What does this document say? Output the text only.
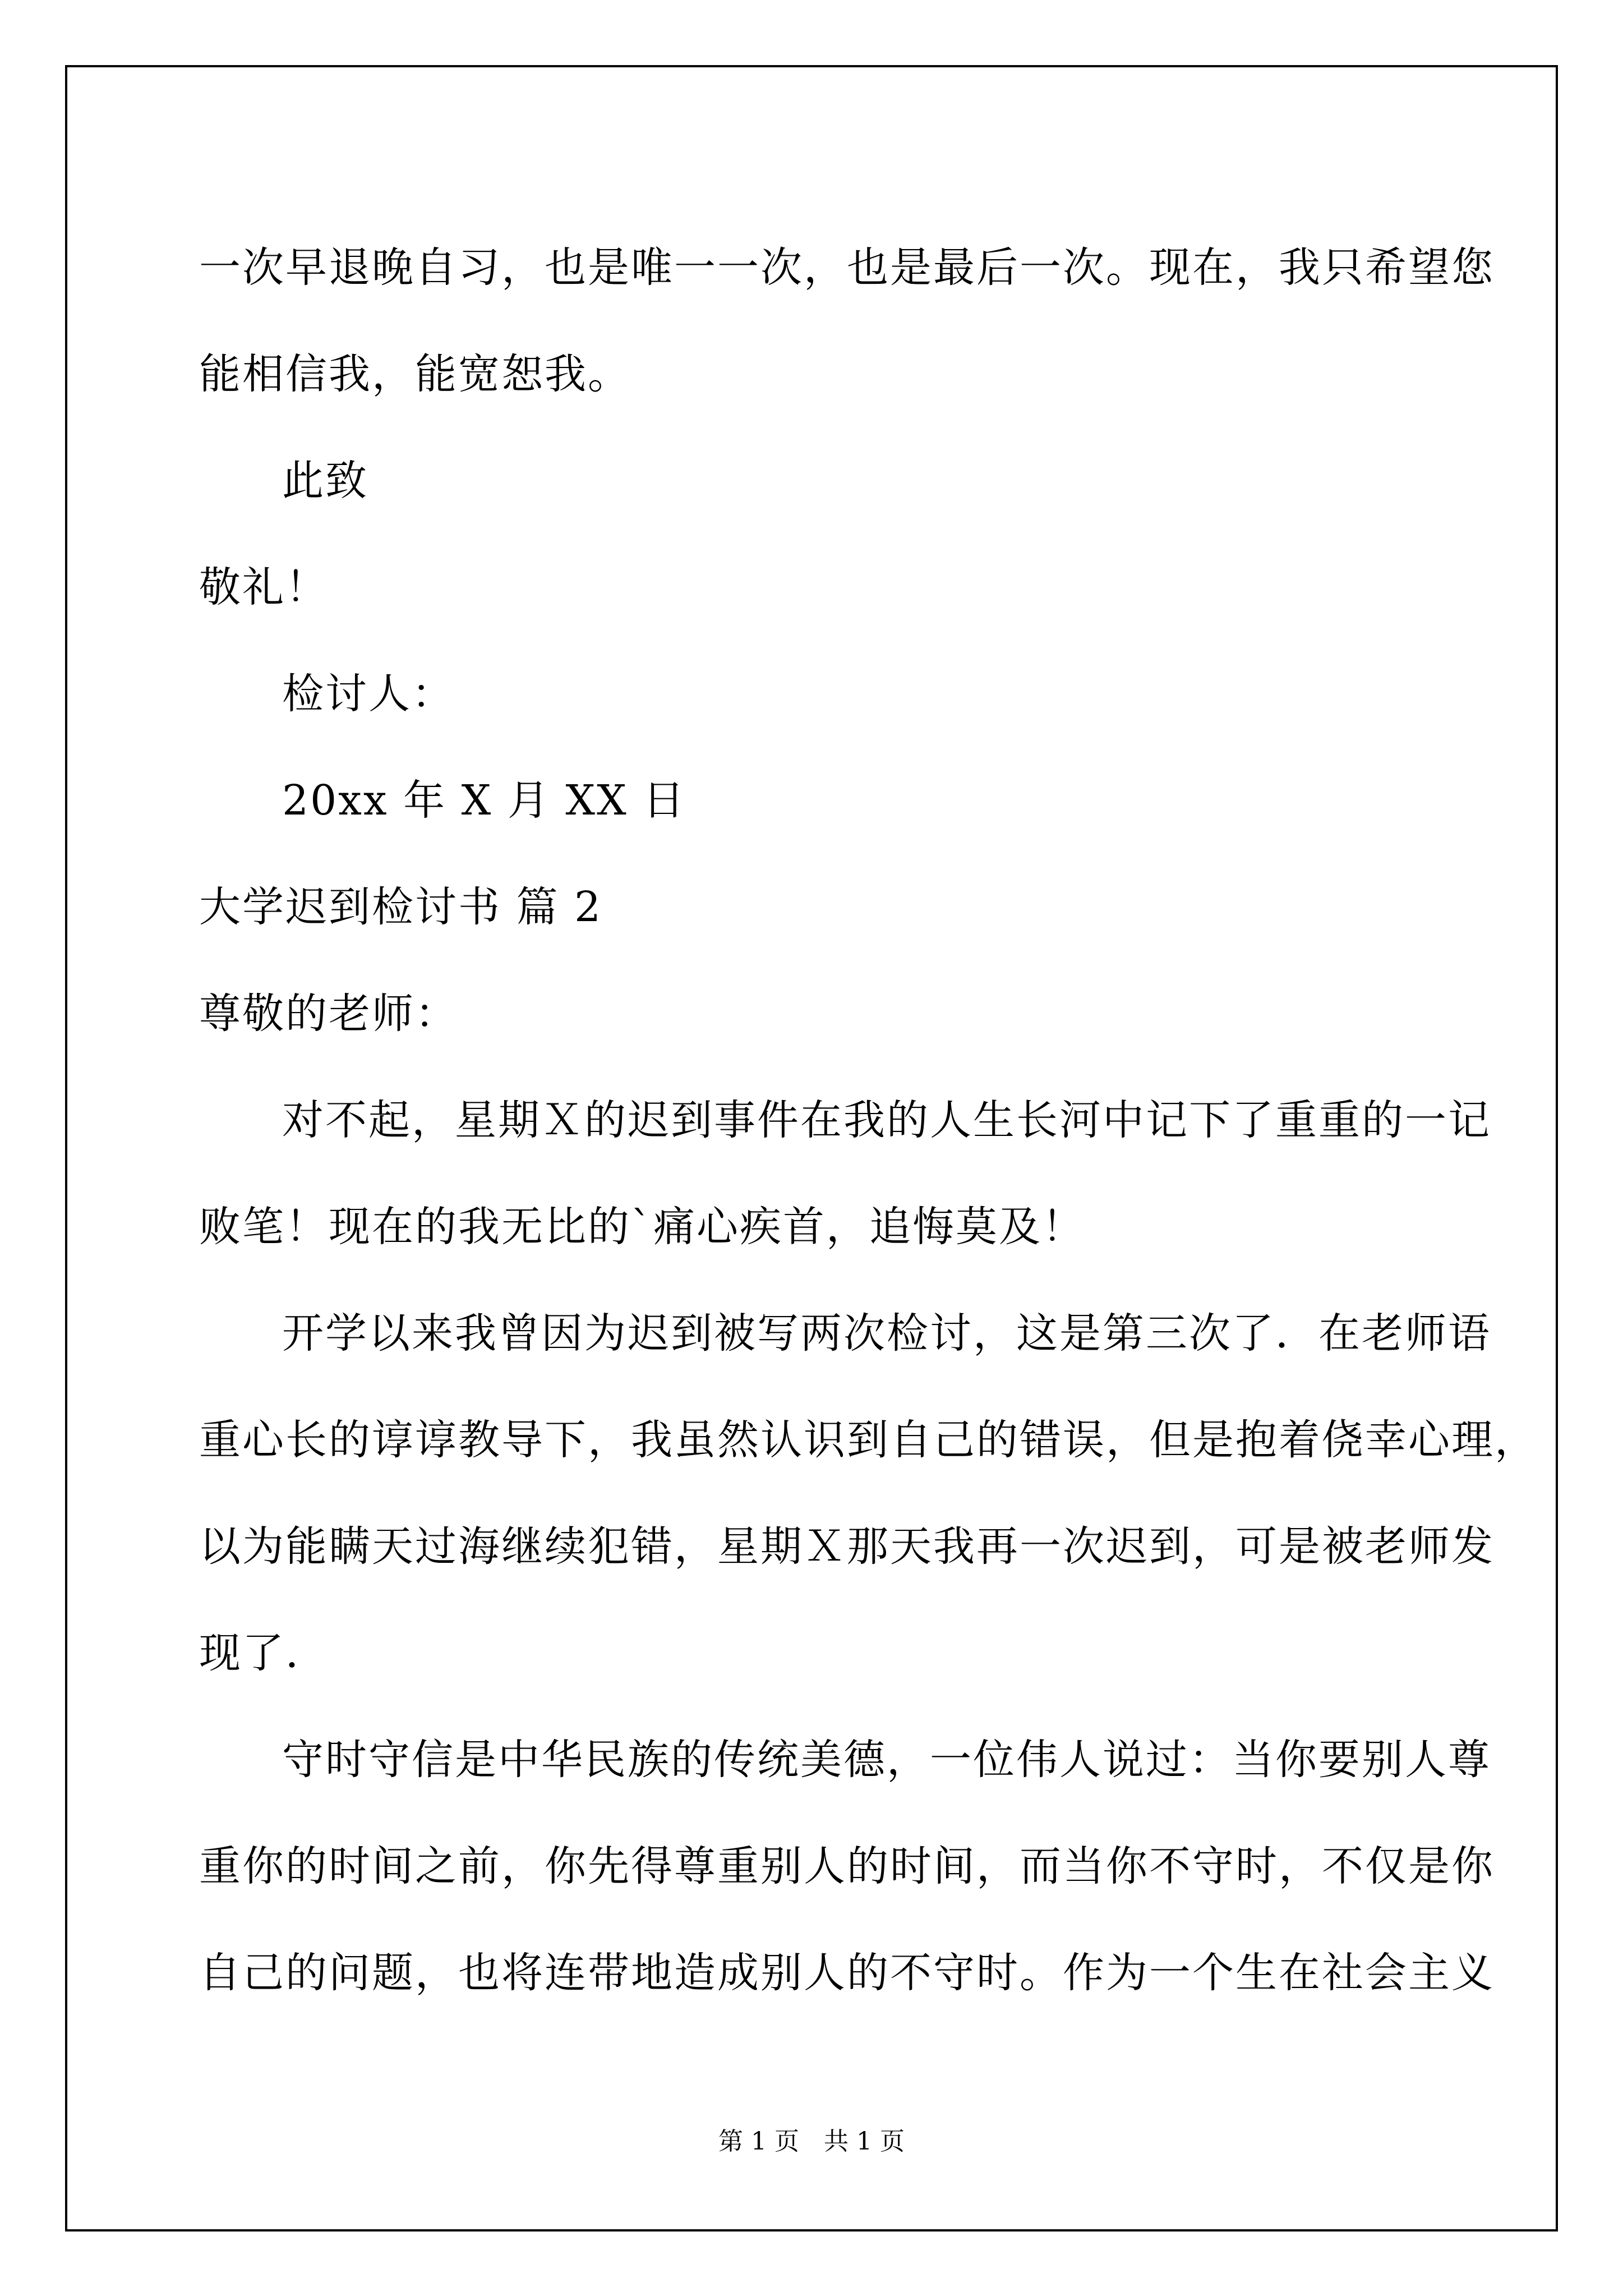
一次早退晚自习，也是唯一一次，也是最后一次。现在，我只希望您
能相信我，能宽恕我。
此致
敬礼！
检讨人：
20xx 年 X 月 XX 日
大学迟到检讨书 篇 2
尊敬的老师：
对不起，星期Ｘ的迟到事件在我的人生长河中记下了重重的一记
败笔！现在的我无比的`痛心疾首，追悔莫及！
开学以来我曾因为迟到被写两次检讨，这是第三次了．在老师语
重心长的谆谆教导下，我虽然认识到自己的错误，但是抱着侥幸心理，
以为能瞒天过海继续犯错，星期Ｘ那天我再一次迟到，可是被老师发
现了．
守时守信是中华民族的传统美德，一位伟人说过：当你要别人尊
重你的时间之前，你先得尊重别人的时间，而当你不守时，不仅是你
自己的问题，也将连带地造成别人的不守时。作为一个生在社会主义
第 1 页　共 1 页
